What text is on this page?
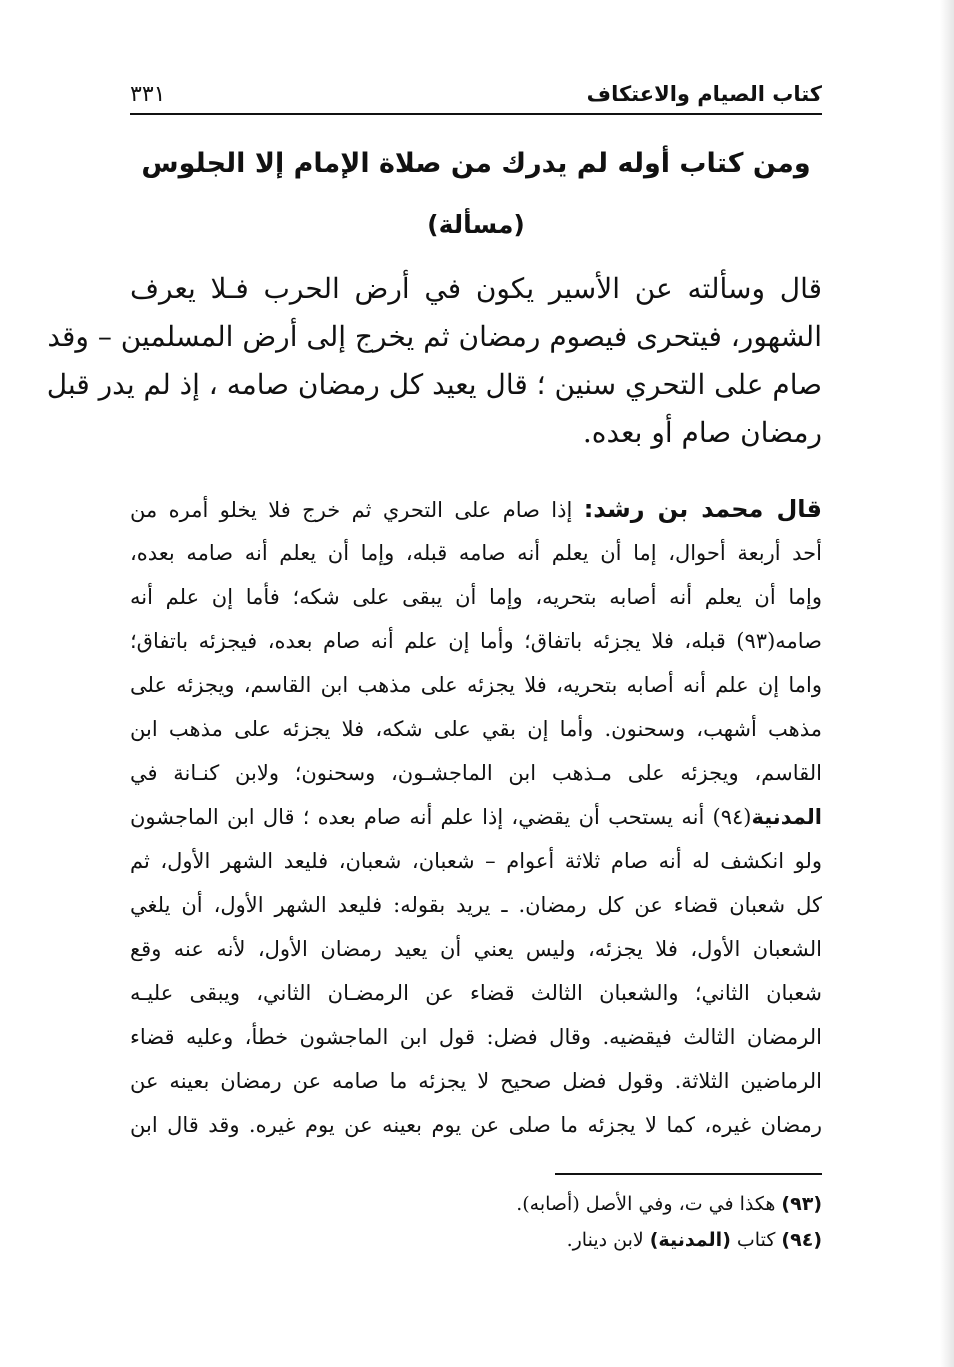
كتاب الصيام والاعتكاف
٣٣١
ومن كتاب أوله لم يدرك من صلاة الإمام إلا الجلوس
(مسألة)
قال وسألته عن الأسير يكون في أرض الحرب فـلا يعرف
الشهور، فيتحرى فيصوم رمضان ثم يخرج إلى أرض المسلمين – وقد
صام على التحري سنين ؛ قال يعيد كل رمضان صامه ، إذ لم يدر قبل
رمضان صام أو بعده.
قال محمد بن رشد: إذا صام على التحري ثم خرج فلا يخلو أمره من
أحد أربعة أحوال، إما أن يعلم أنه صامه قبله، وإما أن يعلم أنه صامه بعده،
وإما أن يعلم أنه أصابه بتحريه، وإما أن يبقى على شكه؛ فأما إن علم أنه
صامه(٩٣) قبله، فلا يجزئه باتفاق؛ وأما إن علم أنه صام بعده، فيجزئه باتفاق؛
واما إن علم أنه أصابه بتحريه، فلا يجزئه على مذهب ابن القاسم، ويجزئه على
مذهب أشهب، وسحنون. وأما إن بقي على شكه، فلا يجزئه على مذهب ابن
القاسم، ويجزئه على مـذهب ابن الماجشـون، وسحنون؛ ولابن كنـانة في
المدنية(٩٤) أنه يستحب أن يقضي، إذا علم أنه صام بعده ؛ قال ابن الماجشون
ولو انكشف له أنه صام ثلاثة أعوام – شعبان، شعبان، فليعد الشهر الأول، ثم
كل شعبان قضاء عن كل رمضان. ـ يريد بقوله: فليعد الشهر الأول، أن يلغي
الشعبان الأول، فلا يجزئه، وليس يعني أن يعيد رمضان الأول، لأنه عنه وقع
شعبان الثاني؛ والشعبان الثالث قضاء عن الرمضـان الثاني، ويبقى عليـه
الرمضان الثالث فيقضيه. وقال فضل: قول ابن الماجشون خطأ، وعليه قضاء
الرماضين الثلاثة. وقول فضل صحيح لا يجزئه ما صامه عن رمضان بعينه عن
رمضان غيره، كما لا يجزئه ما صلى عن يوم بعينه عن يوم غيره. وقد قال ابن
(٩٣) هكذا في ت، وفي الأصل (أصابه).
(٩٤) كتاب (المدنية) لابن دينار.
